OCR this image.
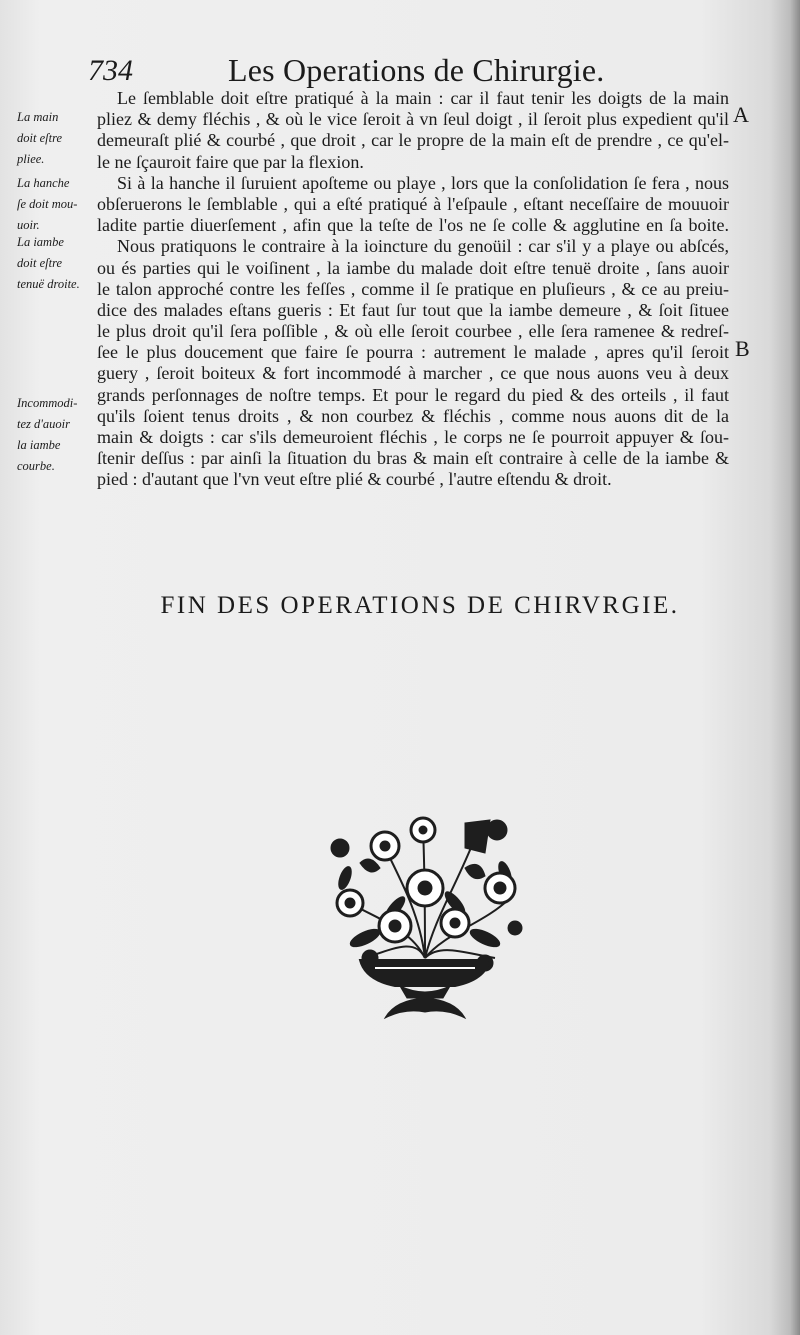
734	Les Operations de Chirurgie.
A
B
La main
doit eſtre
pliee.
La hanche
ſe doit mou-
uoir.
La iambe
doit eſtre
tenuë droite.
Incommodi-
tez d'auoir
la iambe
courbe.
Le ſemblable doit eſtre pratiqué à la main : car il faut tenir les doigts de la main
pliez & demy fléchis , & où le vice ſeroit à vn ſeul doigt , il ſeroit plus expedient qu'il
demeuraſt plié & courbé , que droit , car le propre de la main eſt de prendre , ce qu'el-
le ne ſçauroit faire que par la flexion.
Si à la hanche il ſuruient apoſteme ou playe , lors que la conſolidation ſe fera , nous
obſeruerons le ſemblable , qui a eſté pratiqué à l'eſpaule , eſtant neceſſaire de mouuoir
ladite partie diuerſement , afin que la teſte de l'os ne ſe colle & agglutine en ſa boite.
Nous pratiquons le contraire à la ioincture du genoüil : car s'il y a playe ou abſcés,
ou és parties qui le voiſinent , la iambe du malade doit eſtre tenuë droite , ſans auoir
le talon approché contre les feſſes , comme il ſe pratique en pluſieurs , & ce au preiu-
dice des malades eſtans gueris : Et faut ſur tout que la iambe demeure , & ſoit ſituee
le plus droit qu'il ſera poſſible , & où elle ſeroit courbee , elle ſera ramenee & redreſ-
ſee le plus doucement que faire ſe pourra : autrement le malade , apres qu'il ſeroit
guery , ſeroit boiteux & fort incommodé à marcher , ce que nous auons veu à deux
grands perſonnages de noſtre temps. Et pour le regard du pied & des orteils , il faut
qu'ils ſoient tenus droits , & non courbez & fléchis , comme nous auons dit de la
main & doigts : car s'ils demeuroient fléchis , le corps ne ſe pourroit appuyer & ſou-
ſtenir deſſus : par ainſi la ſituation du bras & main eſt contraire à celle de la iambe &
pied : d'autant que l'vn veut eſtre plié & courbé , l'autre eſtendu & droit.
FIN DES OPERATIONS DE CHIRVRGIE.
